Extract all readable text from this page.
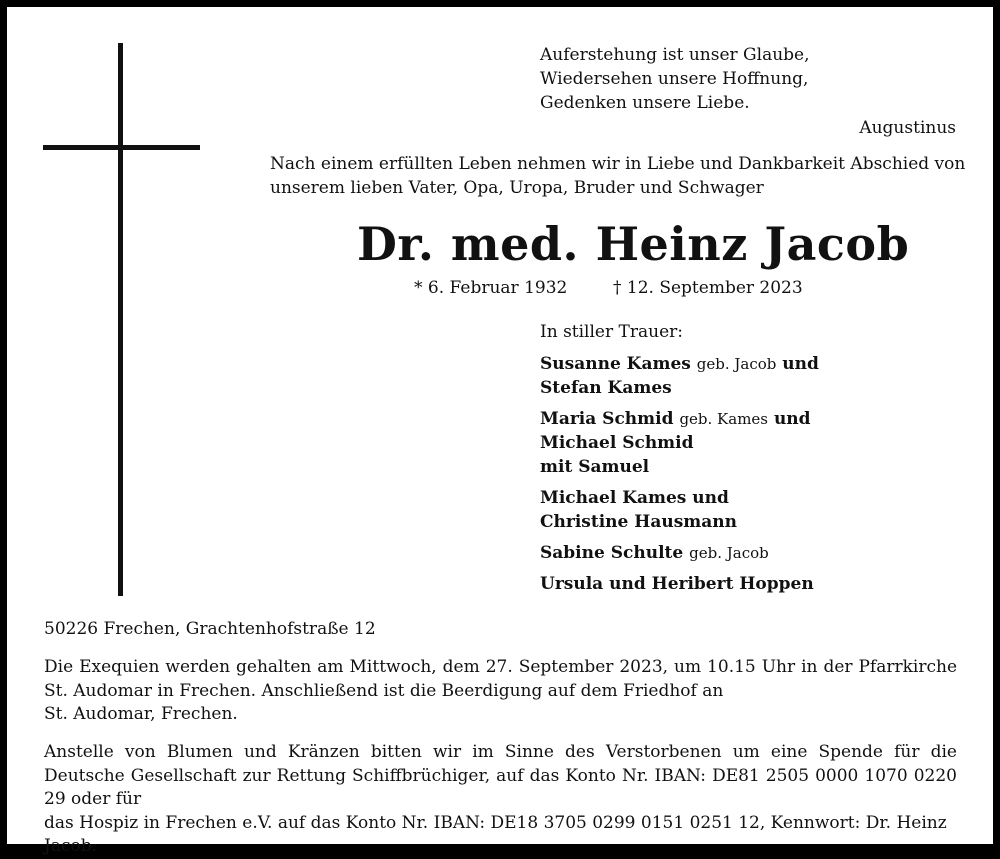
Auferstehung ist unser Glaube,
Wiedersehen unsere Hoffnung,
Gedenken unsere Liebe.
Augustinus
Nach einem erfüllten Leben nehmen wir in Liebe und Dankbarkeit Abschied von
unserem lieben Vater, Opa, Uropa, Bruder und Schwager
Dr. med. Heinz Jacob
* 6. Februar 1932	† 12. September 2023
In stiller Trauer:
Susanne Kames geb. Jacob und
Stefan Kames
Maria Schmid geb. Kames und
Michael Schmid
mit Samuel
Michael Kames und
Christine Hausmann
Sabine Schulte geb. Jacob
Ursula und Heribert Hoppen
50226 Frechen, Grachtenhofstraße 12
Die Exequien werden gehalten am Mittwoch, dem 27. September 2023, um 10.15 Uhr in der Pfarrkirche St. Audomar in Frechen. Anschließend ist die Beerdigung auf dem Friedhof an
St. Audomar, Frechen.
Anstelle von Blumen und Kränzen bitten wir im Sinne des Verstorbenen um eine Spende für die Deutsche Gesellschaft zur Rettung Schiffbrüchiger, auf das Konto Nr. IBAN: DE81 2505 0000 1070 0220 29 oder für
das Hospiz in Frechen e.V. auf das Konto Nr. IBAN: DE18 3705 0299 0151 0251 12, Kennwort: Dr. Heinz Jacob.
